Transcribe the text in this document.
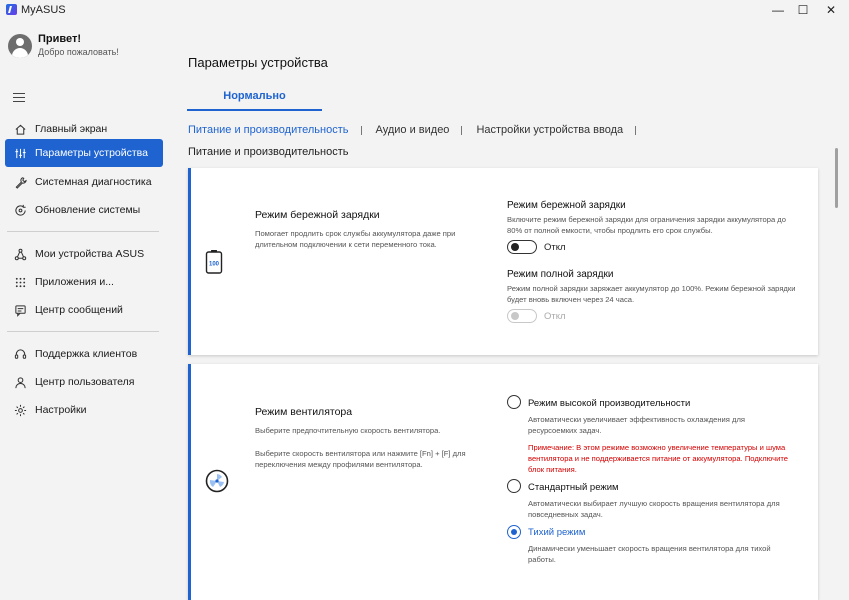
MyASUS	—	☐	✕
Привет!
Добро пожаловать!
Главный экран
Параметры устройства
Системная диагностика
Обновление системы
Мои устройства ASUS
Приложения и...
Центр сообщений
Поддержка клиентов
Центр пользователя
Настройки
Параметры устройства
Нормально
Питание и производительность	Аудио и видео	Настройки устройства ввода
Питание и производительность
100
Режим бережной зарядки
Помогает продлить срок службы аккумулятора даже при длительном подключении к сети переменного тока.
Режим бережной зарядки
Включите режим бережной зарядки для ограничения зарядки аккумулятора до 80% от полной емкости, чтобы продлить его срок службы.
Откл
Режим полной зарядки
Режим полной зарядки заряжает аккумулятор до 100%. Режим бережной зарядки будет вновь включен через 24 часа.
Откл
Режим вентилятора
Выберите предпочтительную скорость вентилятора.
Выберите скорость вентилятора или нажмите [Fn] + [F] для переключения между профилями вентилятора.
Режим высокой производительности
Автоматически увеличивает эффективность охлаждения для ресурсоемких задач.
Примечание: В этом режиме возможно увеличение температуры и шума вентилятора и не поддерживается питание от аккумулятора. Подключите блок питания.
Стандартный режим
Автоматически выбирает лучшую скорость вращения вентилятора для повседневных задач.
Тихий режим
Динамически уменьшает скорость вращения вентилятора для тихой работы.
